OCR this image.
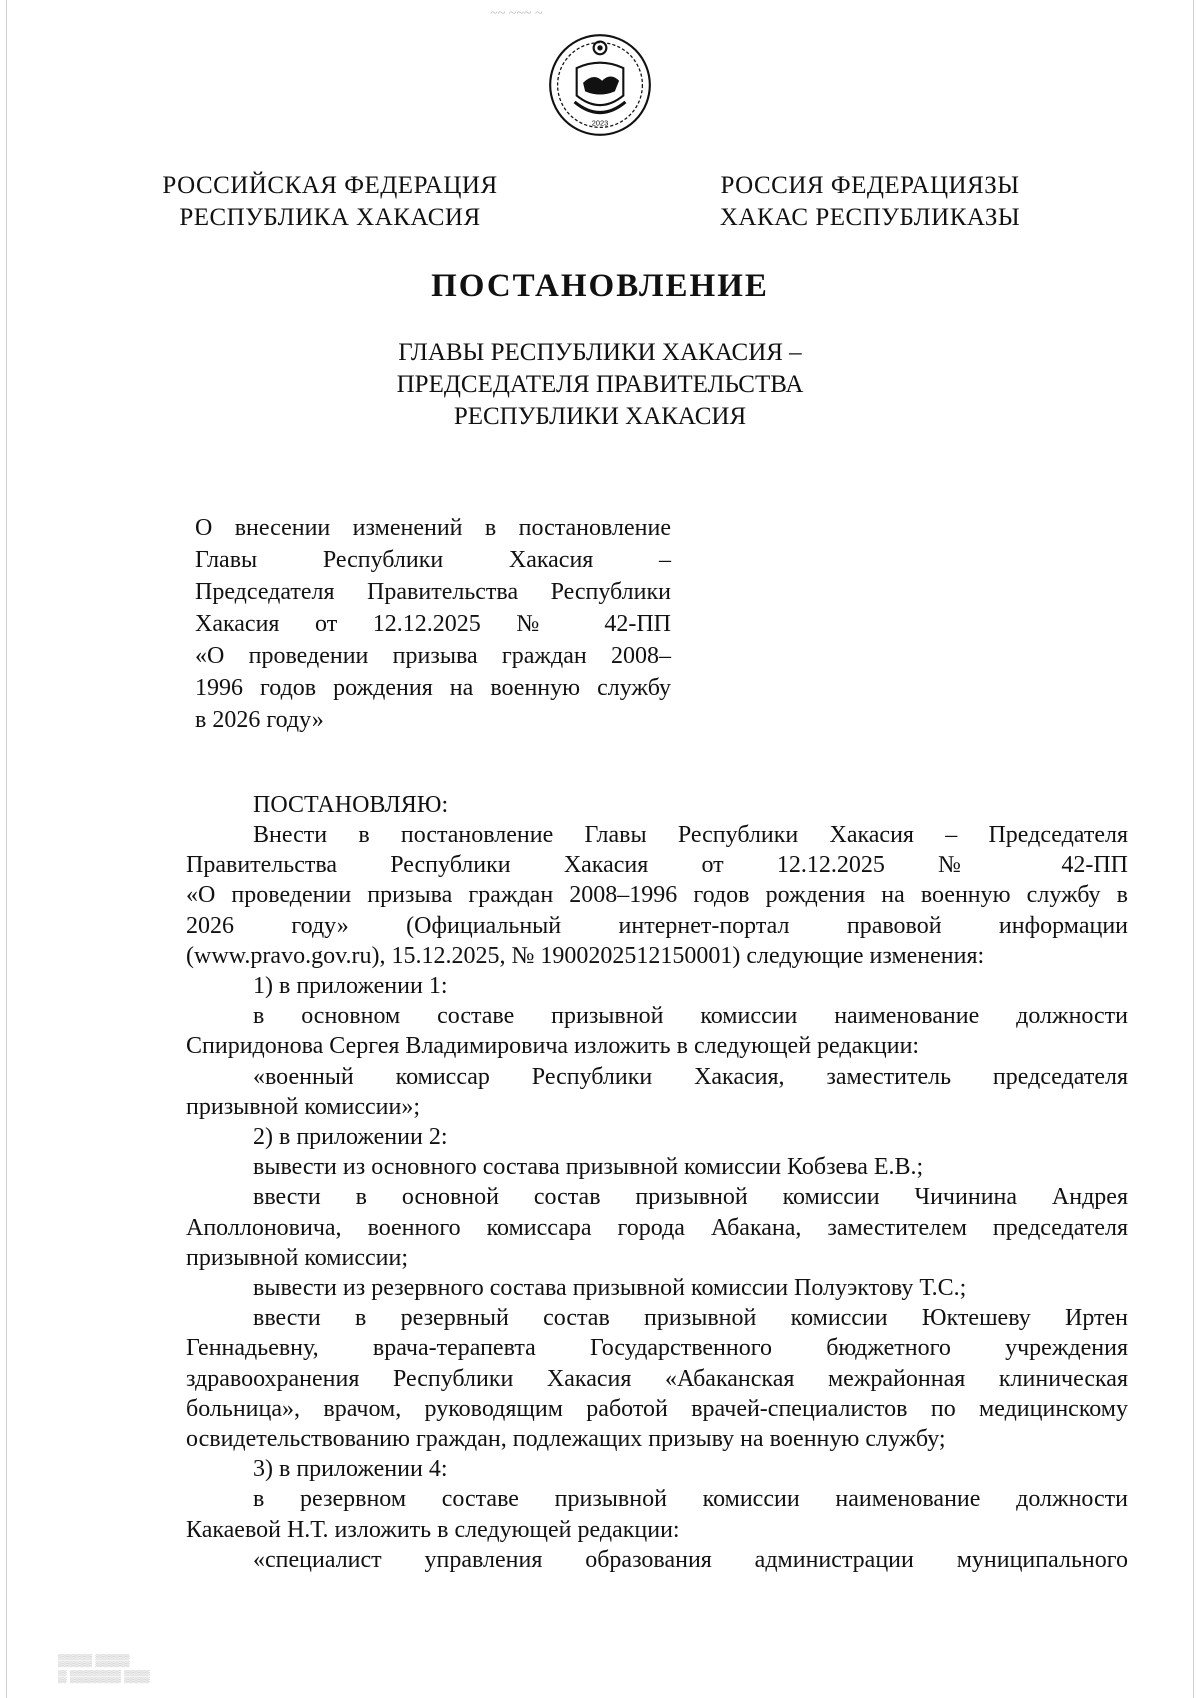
~~ ~~~ ~
2023
РОССИЙСКАЯ ФЕДЕРАЦИЯ
РЕСПУБЛИКА ХАКАСИЯ
РОССИЯ ФЕДЕРАЦИЯЗЫ
ХАКАС РЕСПУБЛИКАЗЫ
ПОСТАНОВЛЕНИЕ
ГЛАВЫ РЕСПУБЛИКИ ХАКАСИЯ –
ПРЕДСЕДАТЕЛЯ ПРАВИТЕЛЬСТВА
РЕСПУБЛИКИ ХАКАСИЯ
О внесении изменений в постановление
Главы Республики Хакасия –
Председателя Правительства Республики
Хакасия от 12.12.2025 № 42-ПП
«О проведении призыва граждан 2008–
1996 годов рождения на военную службу
в 2026 году»
ПОСТАНОВЛЯЮ:
Внести в постановление Главы Республики Хакасия – Председателя
Правительства Республики Хакасия от 12.12.2025 № 42-ПП
«О проведении призыва граждан 2008–1996 годов рождения на военную службу в
2026 году» (Официальный интернет-портал правовой информации
(www.pravo.gov.ru), 15.12.2025, № 1900202512150001) следующие изменения:
1) в приложении 1:
в основном составе призывной комиссии наименование должности
Спиридонова Сергея Владимировича изложить в следующей редакции:
«военный комиссар Республики Хакасия, заместитель председателя
призывной комиссии»;
2) в приложении 2:
вывести из основного состава призывной комиссии Кобзева Е.В.;
ввести в основной состав призывной комиссии Чичинина Андрея
Аполлоновича, военного комиссара города Абакана, заместителем председателя
призывной комиссии;
вывести из резервного состава призывной комиссии Полуэктову Т.С.;
ввести в резервный состав призывной комиссии Юктешеву Иртен
Геннадьевну, врача-терапевта Государственного бюджетного учреждения
здравоохранения Республики Хакасия «Абаканская межрайонная клиническая
больница», врачом, руководящим работой врачей-специалистов по медицинскому
освидетельствованию граждан, подлежащих призыву на военную службу;
3) в приложении 4:
в резервном составе призывной комиссии наименование должности
Какаевой Н.Т. изложить в следующей редакции:
«специалист управления образования администрации муниципального
▒▒▒▒ ▒▒▒▒
▒ ▒▒▒▒▒▒ ▒▒▒
